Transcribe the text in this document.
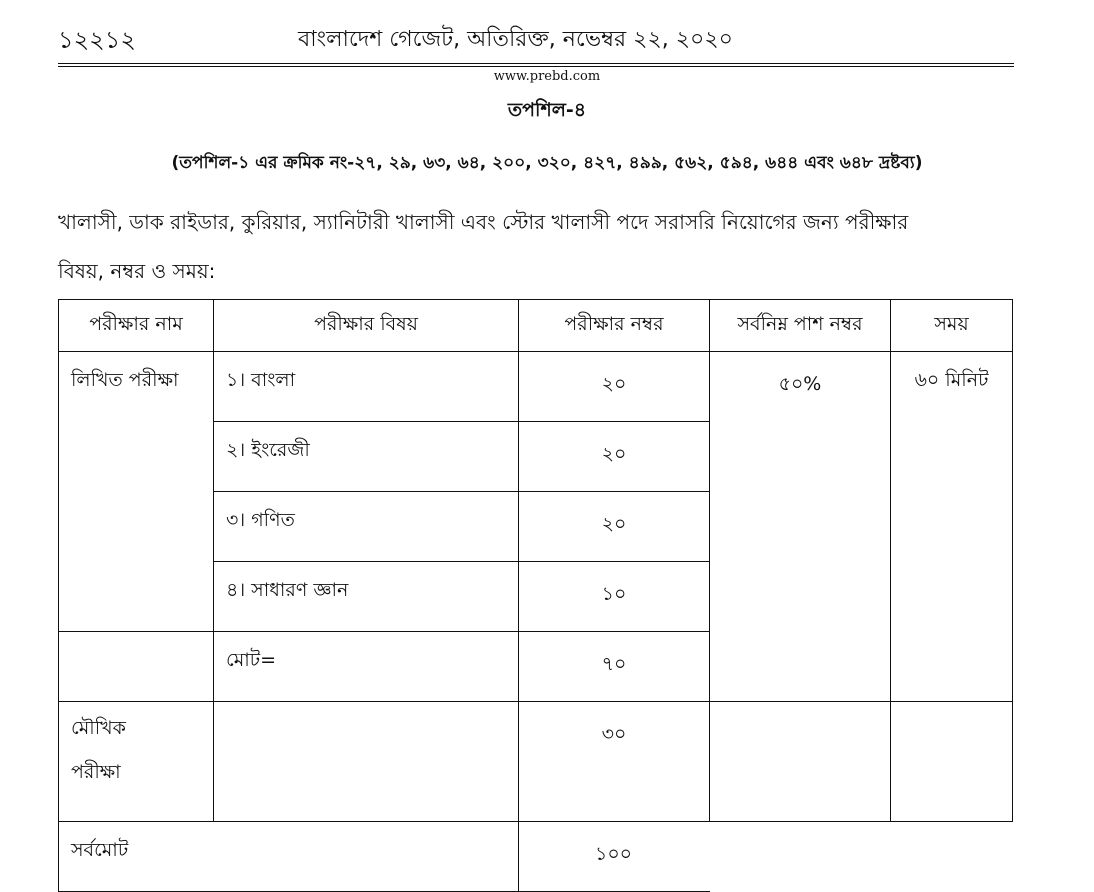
১২২১২	বাংলাদেশ গেজেট, অতিরিক্ত, নভেম্বর ২২, ২০২০
www.prebd.com
তপশিল-৪
(তপশিল-১ এর ক্রমিক নং-২৭, ২৯, ৬৩, ৬৪, ২০০, ৩২০, ৪২৭, ৪৯৯, ৫৬২, ৫৯৪, ৬৪৪ এবং ৬৪৮ দ্রষ্টব্য)
খালাসী, ডাক রাইডার, কুরিয়ার, স্যানিটারী খালাসী এবং স্টোর খালাসী পদে সরাসরি নিয়োগের জন্য পরীক্ষার
বিষয়, নম্বর ও সময়:
পরীক্ষার নাম	পরীক্ষার বিষয়	পরীক্ষার নম্বর	সর্বনিম্ন পাশ নম্বর	সময়
লিখিত পরীক্ষা	১। বাংলা	২০	৫০%	৬০ মিনিট
	২। ইংরেজী	২০		
	৩। গণিত	২০		
	৪। সাধারণ জ্ঞান	১০		
	মোট=	৭০		
মৌখিক
পরীক্ষা		৩০		
সর্বমোট		১০০		
